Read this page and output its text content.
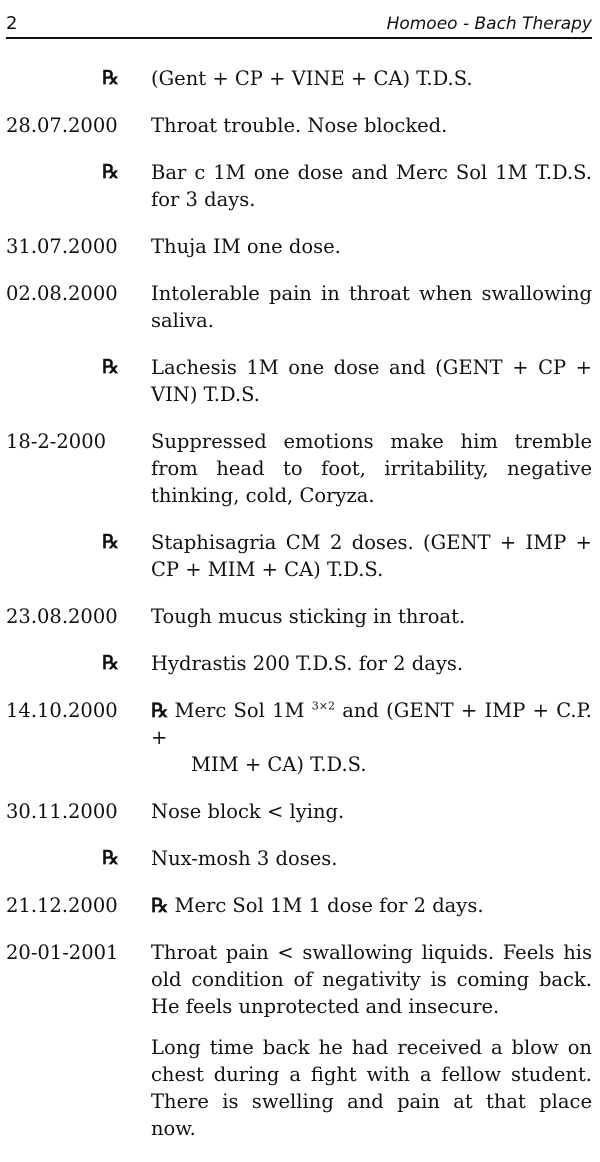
2	Homoeo - Bach Therapy
℞	(Gent + CP + VINE + CA) T.D.S.
28.07.2000	Throat trouble. Nose blocked.
℞	Bar c 1M one dose and Merc Sol 1M T.D.S. for 3 days.
31.07.2000	Thuja IM one dose.
02.08.2000	Intolerable pain in throat when swallowing saliva.
℞	Lachesis 1M one dose and (GENT + CP + VIN) T.D.S.
18-2-2000	Suppressed emotions make him tremble from head to foot, irritability, negative thinking, cold, Coryza.
℞	Staphisagria CM 2 doses. (GENT + IMP + CP + MIM + CA) T.D.S.
23.08.2000	Tough mucus sticking in throat.
℞	Hydrastis 200 T.D.S. for 2 days.
14.10.2000	℞ Merc Sol 1M $^{3\times 2}$ and (GENT + IMP + C.P. +
MIM + CA) T.D.S.
30.11.2000	Nose block < lying.
℞	Nux-mosh 3 doses.
21.12.2000	℞ Merc Sol 1M 1 dose for 2 days.
20-01-2001	Throat pain < swallowing liquids. Feels his old condition of negativity is coming back. He feels unprotected and insecure.
Long time back he had received a blow on chest during a fight with a fellow student. There is swelling and pain at that place now.
